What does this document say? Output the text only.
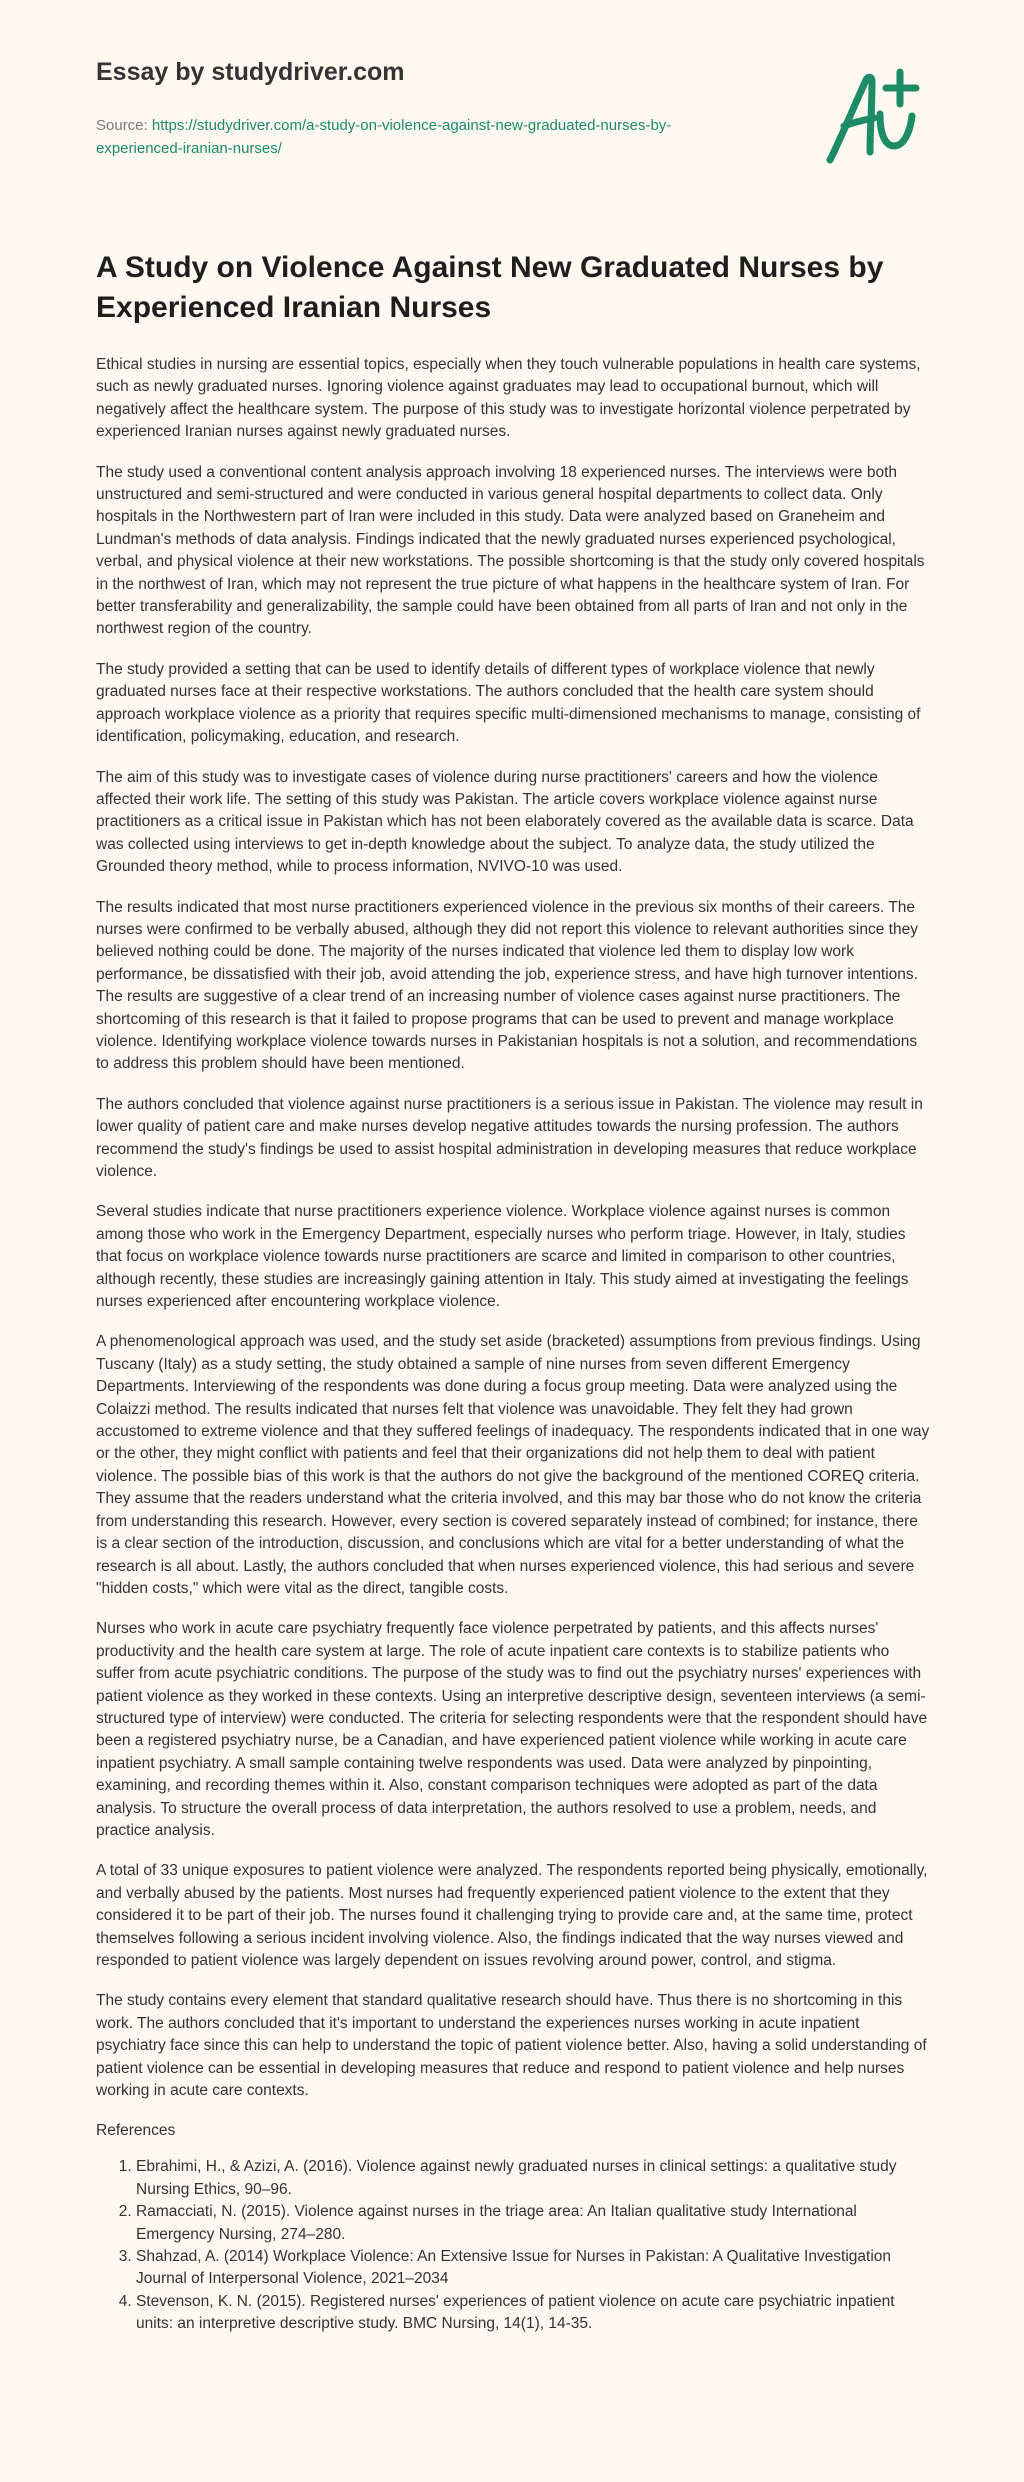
Essay by studydriver.com

Source: https://studydriver.com/a-study-on-violence-against-new-graduated-nurses-by-experienced-iranian-nurses/

A Study on Violence Against New Graduated Nurses by Experienced Iranian Nurses

Ethical studies in nursing are essential topics, especially when they touch vulnerable populations in health care systems, such as newly graduated nurses. Ignoring violence against graduates may lead to occupational burnout, which will negatively affect the healthcare system. The purpose of this study was to investigate horizontal violence perpetrated by experienced Iranian nurses against newly graduated nurses.

The study used a conventional content analysis approach involving 18 experienced nurses. The interviews were both unstructured and semi-structured and were conducted in various general hospital departments to collect data. Only hospitals in the Northwestern part of Iran were included in this study. Data were analyzed based on Graneheim and Lundman's methods of data analysis. Findings indicated that the newly graduated nurses experienced psychological, verbal, and physical violence at their new workstations. The possible shortcoming is that the study only covered hospitals in the northwest of Iran, which may not represent the true picture of what happens in the healthcare system of Iran. For better transferability and generalizability, the sample could have been obtained from all parts of Iran and not only in the northwest region of the country.

The study provided a setting that can be used to identify details of different types of workplace violence that newly graduated nurses face at their respective workstations. The authors concluded that the health care system should approach workplace violence as a priority that requires specific multi-dimensioned mechanisms to manage, consisting of identification, policymaking, education, and research.

The aim of this study was to investigate cases of violence during nurse practitioners' careers and how the violence affected their work life. The setting of this study was Pakistan. The article covers workplace violence against nurse practitioners as a critical issue in Pakistan which has not been elaborately covered as the available data is scarce. Data was collected using interviews to get in-depth knowledge about the subject. To analyze data, the study utilized the Grounded theory method, while to process information, NVIVO-10 was used.

The results indicated that most nurse practitioners experienced violence in the previous six months of their careers. The nurses were confirmed to be verbally abused, although they did not report this violence to relevant authorities since they believed nothing could be done. The majority of the nurses indicated that violence led them to display low work performance, be dissatisfied with their job, avoid attending the job, experience stress, and have high turnover intentions. The results are suggestive of a clear trend of an increasing number of violence cases against nurse practitioners. The shortcoming of this research is that it failed to propose programs that can be used to prevent and manage workplace violence. Identifying workplace violence towards nurses in Pakistanian hospitals is not a solution, and recommendations to address this problem should have been mentioned.

The authors concluded that violence against nurse practitioners is a serious issue in Pakistan. The violence may result in lower quality of patient care and make nurses develop negative attitudes towards the nursing profession. The authors recommend the study's findings be used to assist hospital administration in developing measures that reduce workplace violence.

Several studies indicate that nurse practitioners experience violence. Workplace violence against nurses is common among those who work in the Emergency Department, especially nurses who perform triage. However, in Italy, studies that focus on workplace violence towards nurse practitioners are scarce and limited in comparison to other countries, although recently, these studies are increasingly gaining attention in Italy. This study aimed at investigating the feelings nurses experienced after encountering workplace violence.

A phenomenological approach was used, and the study set aside (bracketed) assumptions from previous findings. Using Tuscany (Italy) as a study setting, the study obtained a sample of nine nurses from seven different Emergency Departments. Interviewing of the respondents was done during a focus group meeting. Data were analyzed using the Colaizzi method. The results indicated that nurses felt that violence was unavoidable. They felt they had grown accustomed to extreme violence and that they suffered feelings of inadequacy. The respondents indicated that in one way or the other, they might conflict with patients and feel that their organizations did not help them to deal with patient violence. The possible bias of this work is that the authors do not give the background of the mentioned COREQ criteria. They assume that the readers understand what the criteria involved, and this may bar those who do not know the criteria from understanding this research. However, every section is covered separately instead of combined; for instance, there is a clear section of the introduction, discussion, and conclusions which are vital for a better understanding of what the research is all about. Lastly, the authors concluded that when nurses experienced violence, this had serious and severe "hidden costs," which were vital as the direct, tangible costs.

Nurses who work in acute care psychiatry frequently face violence perpetrated by patients, and this affects nurses' productivity and the health care system at large. The role of acute inpatient care contexts is to stabilize patients who suffer from acute psychiatric conditions. The purpose of the study was to find out the psychiatry nurses' experiences with patient violence as they worked in these contexts. Using an interpretive descriptive design, seventeen interviews (a semi-structured type of interview) were conducted. The criteria for selecting respondents were that the respondent should have been a registered psychiatry nurse, be a Canadian, and have experienced patient violence while working in acute care inpatient psychiatry. A small sample containing twelve respondents was used. Data were analyzed by pinpointing, examining, and recording themes within it. Also, constant comparison techniques were adopted as part of the data analysis. To structure the overall process of data interpretation, the authors resolved to use a problem, needs, and practice analysis.

A total of 33 unique exposures to patient violence were analyzed. The respondents reported being physically, emotionally, and verbally abused by the patients. Most nurses had frequently experienced patient violence to the extent that they considered it to be part of their job. The nurses found it challenging trying to provide care and, at the same time, protect themselves following a serious incident involving violence. Also, the findings indicated that the way nurses viewed and responded to patient violence was largely dependent on issues revolving around power, control, and stigma.

The study contains every element that standard qualitative research should have. Thus there is no shortcoming in this work. The authors concluded that it's important to understand the experiences nurses working in acute inpatient psychiatry face since this can help to understand the topic of patient violence better. Also, having a solid understanding of patient violence can be essential in developing measures that reduce and respond to patient violence and help nurses working in acute care contexts.

References
1. Ebrahimi, H., & Azizi, A. (2016). Violence against newly graduated nurses in clinical settings: a qualitative study Nursing Ethics, 90–96.
2. Ramacciati, N. (2015). Violence against nurses in the triage area: An Italian qualitative study International Emergency Nursing, 274–280.
3. Shahzad, A. (2014) Workplace Violence: An Extensive Issue for Nurses in Pakistan: A Qualitative Investigation Journal of Interpersonal Violence, 2021–2034
4. Stevenson, K. N. (2015). Registered nurses' experiences of patient violence on acute care psychiatric inpatient units: an interpretive descriptive study. BMC Nursing, 14(1), 14-35.
